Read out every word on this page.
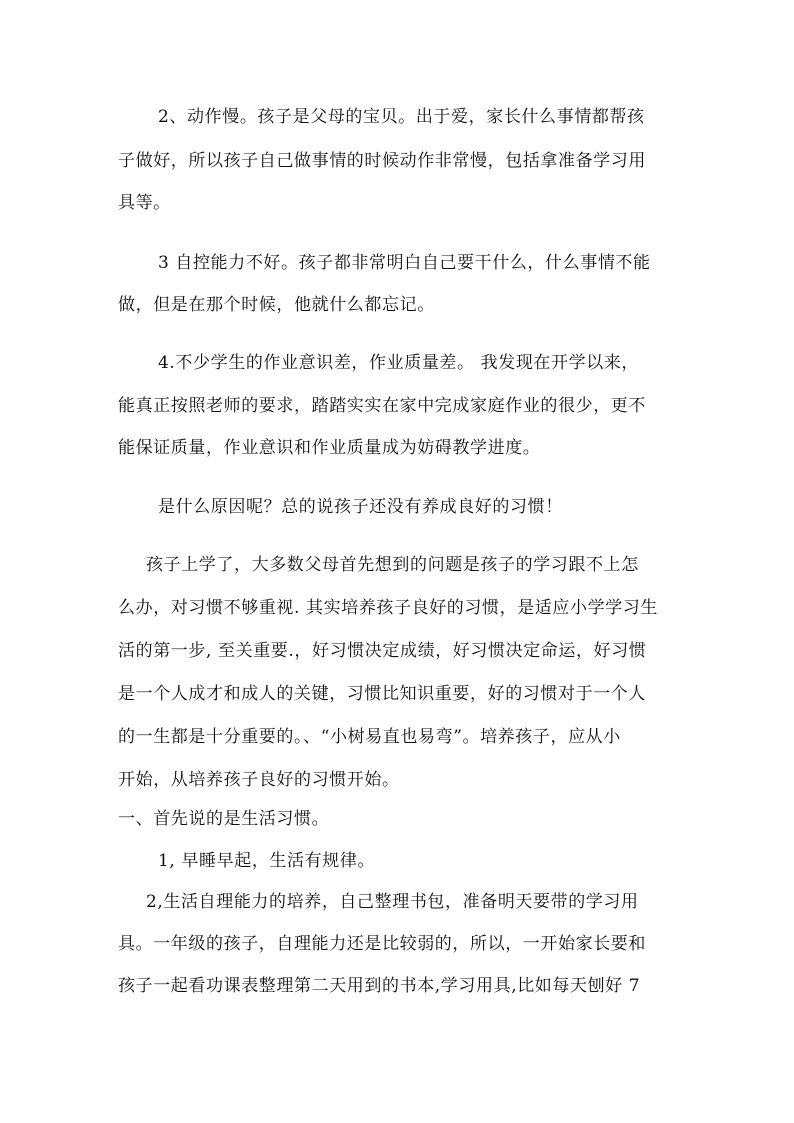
2、动作慢。孩子是父母的宝贝。出于爱，家长什么事情都帮孩
子做好，所以孩子自己做事情的时候动作非常慢，包括拿准备学习用
具等。
3 自控能力不好。孩子都非常明白自己要干什么，什么事情不能
做，但是在那个时候，他就什么都忘记。
4.不少学生的作业意识差，作业质量差。 我发现在开学以来，
能真正按照老师的要求，踏踏实实在家中完成家庭作业的很少，更不
能保证质量，作业意识和作业质量成为妨碍教学进度。
是什么原因呢？总的说孩子还没有养成良好的习惯！
孩子上学了，大多数父母首先想到的问题是孩子的学习跟不上怎
么办，对习惯不够重视. 其实培养孩子良好的习惯，是适应小学学习生
活的第一步, 至关重要.，好习惯决定成绩，好习惯决定命运，好习惯
是一个人成才和成人的关键，习惯比知识重要，好的习惯对于一个人
的一生都是十分重要的。、“小树易直也易弯”。培养孩子，应从小
开始，从培养孩子良好的习惯开始。
一、首先说的是生活习惯。
1, 早睡早起，生活有规律。
2,生活自理能力的培养，自己整理书包，准备明天要带的学习用
具。一年级的孩子，自理能力还是比较弱的，所以，一开始家长要和
孩子一起看功课表整理第二天用到的书本,学习用具,比如每天刨好 7
